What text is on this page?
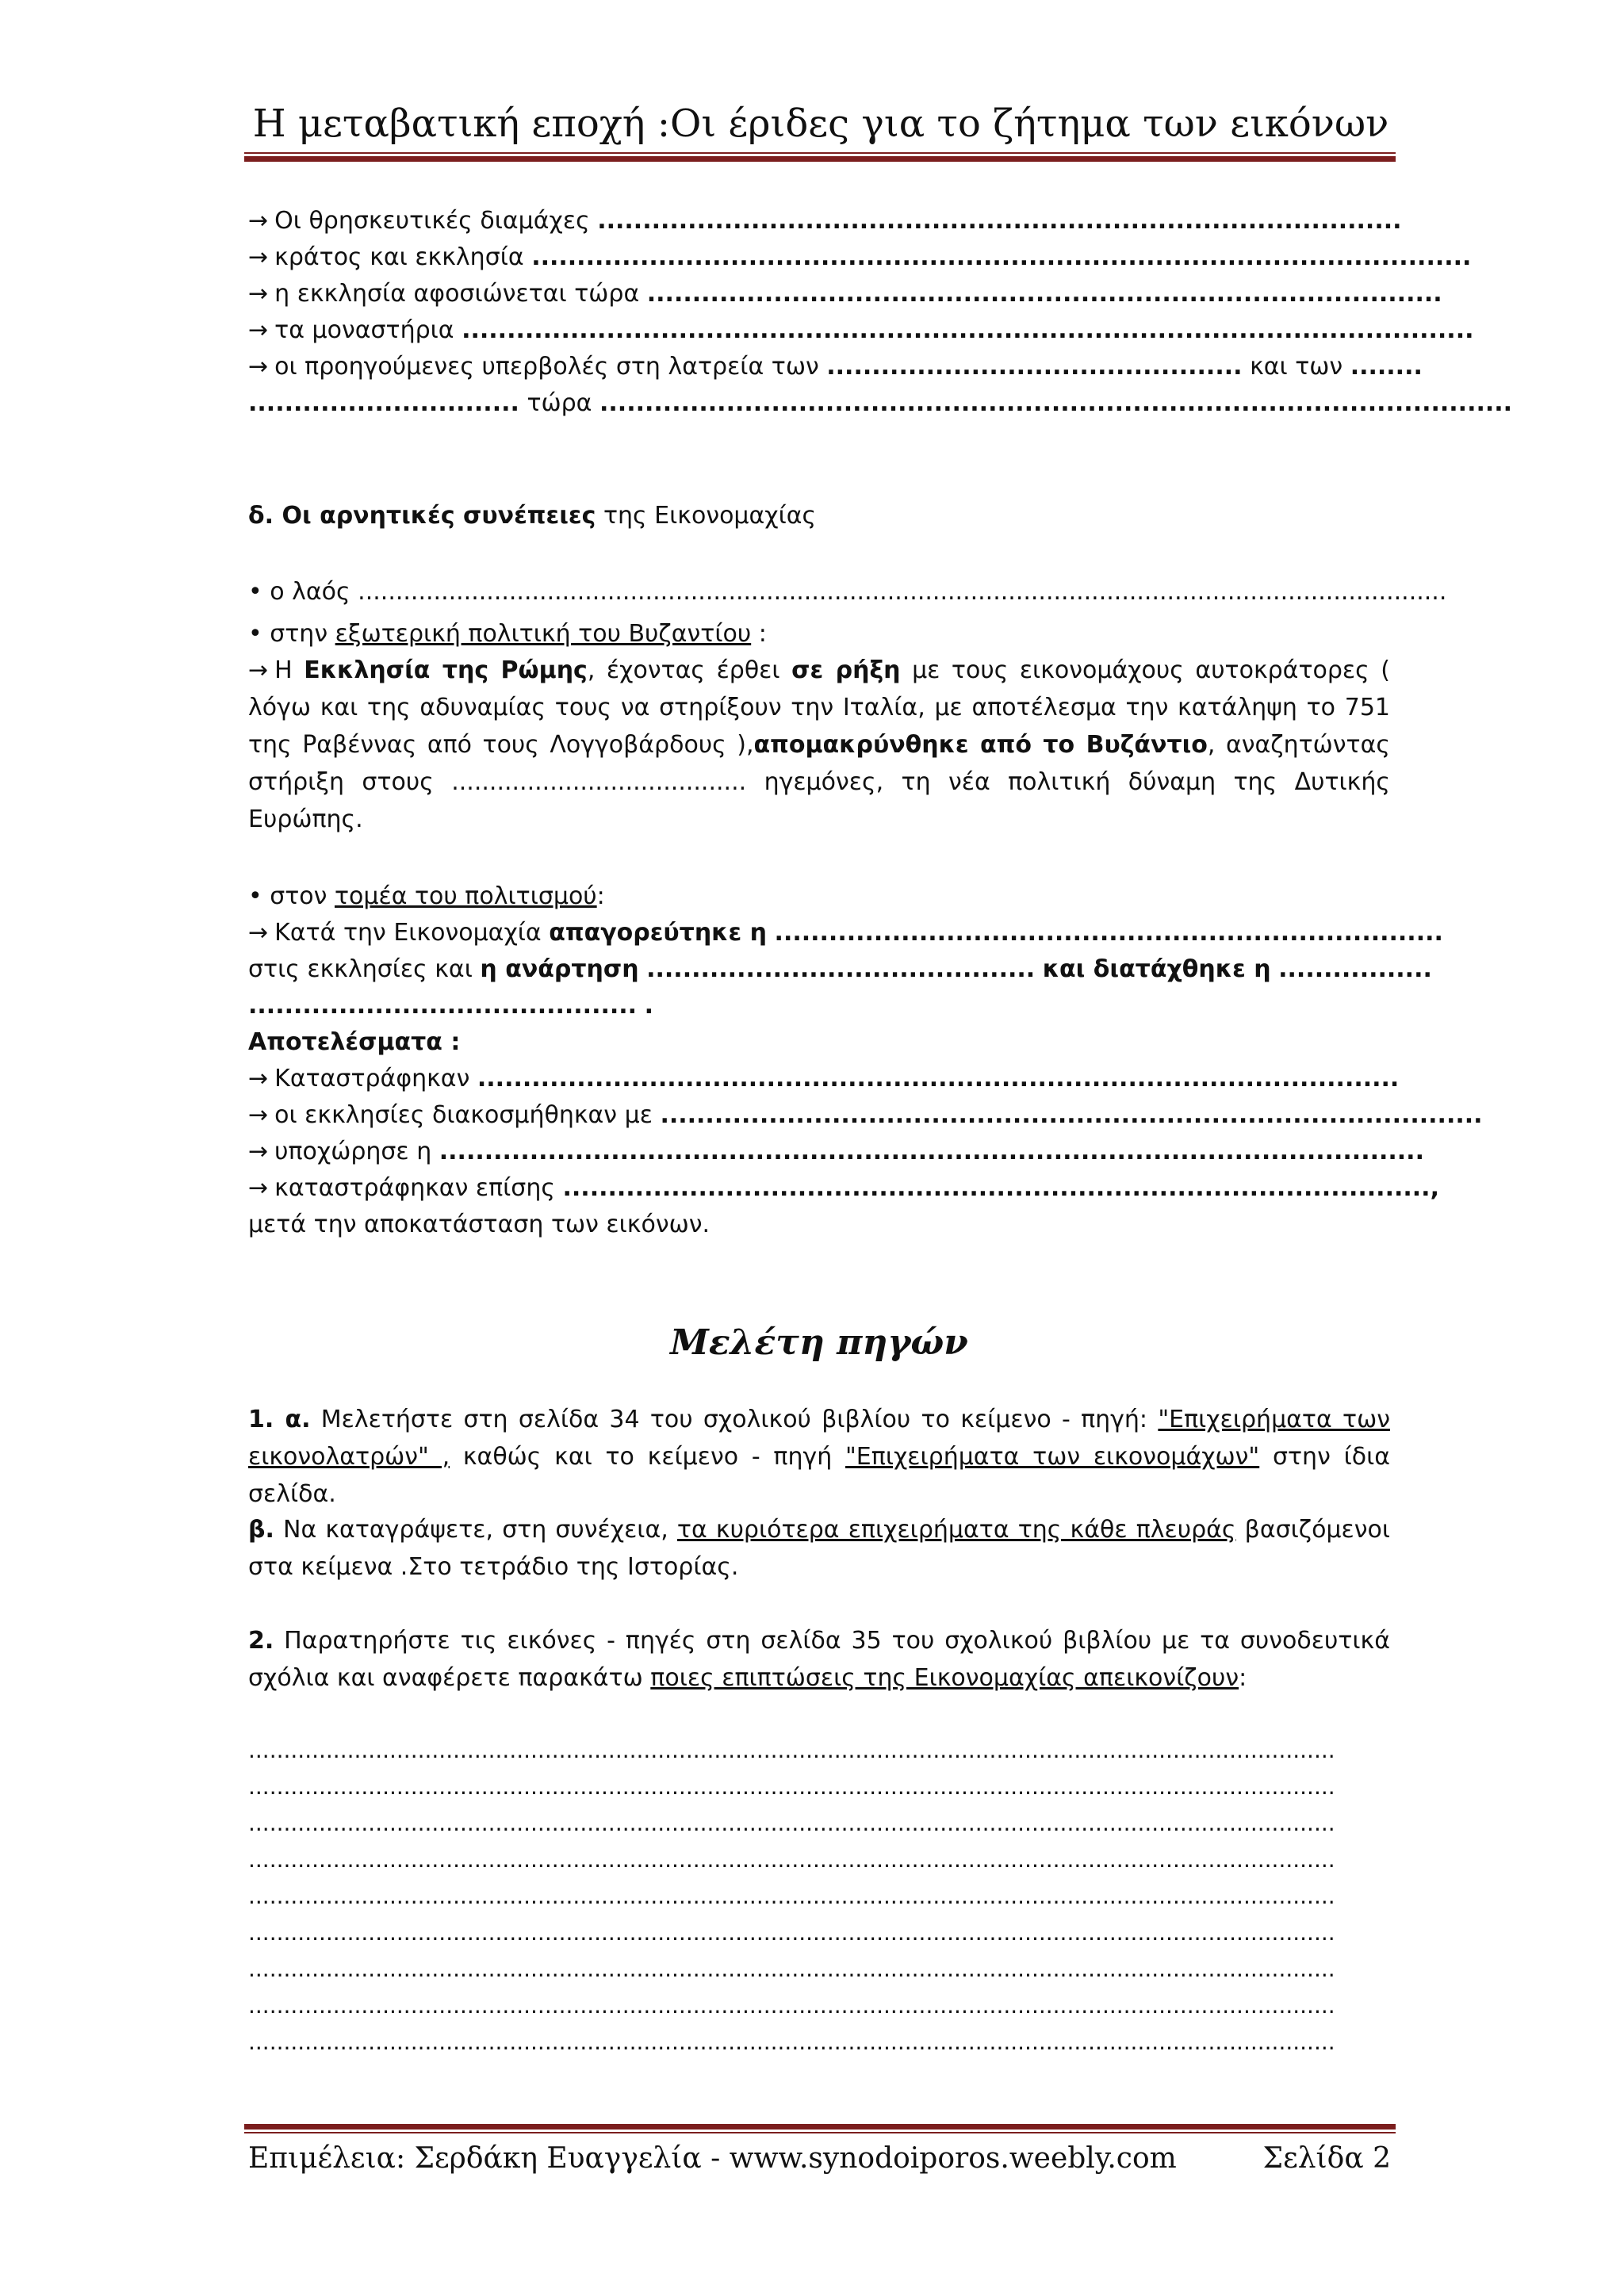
Η μεταβατική εποχή :Οι έριδες για το ζήτημα των εικόνων
→ Οι θρησκευτικές διαμάχες .........................................................................................
→ κράτος και εκκλησία ........................................................................................................
→ η εκκλησία αφοσιώνεται τώρα ........................................................................................
→ τα μοναστήρια ................................................................................................................
→ οι προηγούμενες υπερβολές στη λατρεία των .............................................. και των ........
.............................. τώρα .....................................................................................................
δ. Οι αρνητικές συνέπειες της Εικονομαχίας
• ο λαός ................................................................................................................................................
• στην εξωτερική πολιτική του Βυζαντίου :
→ Η Εκκλησία της Ρώμης, έχοντας έρθει σε ρήξη με τους εικονομάχους αυτοκράτορες ( λόγω και της αδυναμίας τους να στηρίξουν την Ιταλία, με αποτέλεσμα την κατάληψη το 751 της Ραβέννας από τους Λογγοβάρδους ),απομακρύνθηκε από το Βυζάντιο, αναζητώντας στήριξη στους ....................................... ηγεμόνες, τη νέα πολιτική δύναμη της Δυτικής Ευρώπης.
• στον τομέα του πολιτισμού:
→ Κατά την Εικονομαχία απαγορεύτηκε η ..........................................................................
στις εκκλησίες και η ανάρτηση ........................................... και διατάχθηκε η .................
........................................... .
Αποτελέσματα :
→ Καταστράφηκαν ......................................................................................................
→ οι εκκλησίες διακοσμήθηκαν με ...........................................................................................
→ υποχώρησε η .............................................................................................................
→ καταστράφηκαν επίσης ................................................................................................,
μετά την αποκατάσταση των εικόνων.
Μελέτη πηγών
1. α. Μελετήστε στη σελίδα 34 του σχολικού βιβλίου το κείμενο - πηγή: "Επιχειρήματα των εικονολατρών" , καθώς και το κείμενο - πηγή "Επιχειρήματα των εικονομάχων" στην ίδια σελίδα.
β. Να καταγράψετε, στη συνέχεια, τα κυριότερα επιχειρήματα της κάθε πλευράς βασιζόμενοι στα κείμενα .Στο τετράδιο της Ιστορίας.
2. Παρατηρήστε τις εικόνες - πηγές στη σελίδα 35 του σχολικού βιβλίου με τα συνοδευτικά σχόλια και αναφέρετε παρακάτω ποιες επιπτώσεις της Εικονομαχίας απεικονίζουν:
..........................................................................................................................................................
..........................................................................................................................................................
..........................................................................................................................................................
..........................................................................................................................................................
..........................................................................................................................................................
..........................................................................................................................................................
..........................................................................................................................................................
..........................................................................................................................................................
..........................................................................................................................................................
Επιμέλεια: Σερδάκη Ευαγγελία - www.synodoiporos.weebly.com	Σελίδα 2
